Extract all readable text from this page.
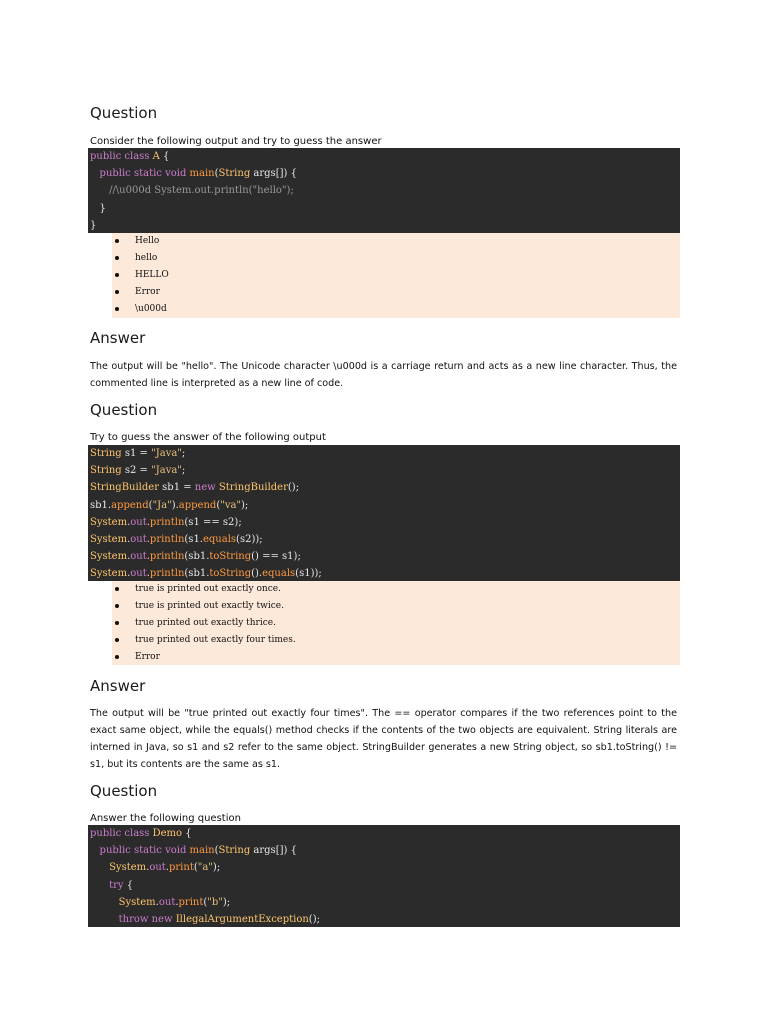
Question
Consider the following output and try to guess the answer
public class A {
public static void main(String args[]) {
//\u000d System.out.println("hello");
}
}
Hello
hello
HELLO
Error
\u000d
Answer

The output will be "hello". The Unicode character \u000d is a carriage return and acts as a new line character. Thus, the commented line is interpreted as a new line of code.

Question
Try to guess the answer of the following output
String s1 = "Java";
String s2 = "Java";
StringBuilder sb1 = new StringBuilder();
sb1.append("Ja").append("va");
System.out.println(s1 == s2);
System.out.println(s1.equals(s2));
System.out.println(sb1.toString() == s1);
System.out.println(sb1.toString().equals(s1));
true is printed out exactly once.
true is printed out exactly twice.
true printed out exactly thrice.
true printed out exactly four times.
Error
Answer

The output will be "true printed out exactly four times". The == operator compares if the two references point to the exact same object, while the equals() method checks if the contents of the two objects are equivalent. String literals are interned in Java, so s1 and s2 refer to the same object. StringBuilder generates a new String object, so sb1.toString() != s1, but its contents are the same as s1.

Question
Answer the following question
public class Demo {
public static void main(String args[]) {
System.out.print("a");
try {
System.out.print("b");
throw new IllegalArgumentException();
